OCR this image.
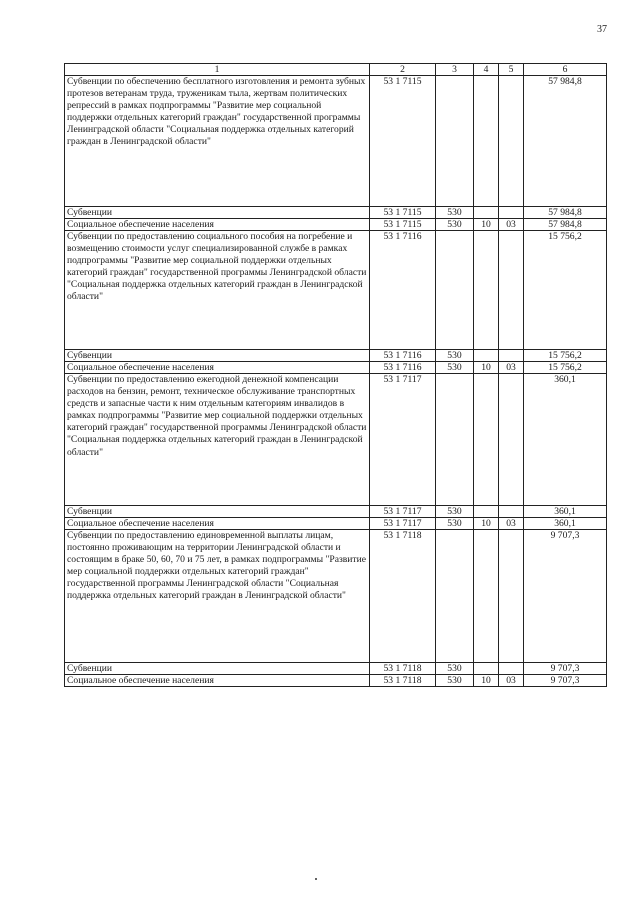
37
1	2	3	4	5	6
Субвенции по обеспечению бесплатного изготовления и ремонта зубных протезов ветеранам труда, труженикам тыла, жертвам политических репрессий в рамках подпрограммы "Развитие мер социальной поддержки отдельных категорий граждан" государственной программы Ленинградской области "Социальная поддержка отдельных категорий граждан в Ленинградской области"	53 1 7115				57 984,8
Субвенции	53 1 7115	530			57 984,8
Социальное обеспечение населения	53 1 7115	530	10	03	57 984,8
Субвенции по предоставлению социального пособия на погребение и возмещению стоимости услуг специализированной службе в рамках подпрограммы "Развитие мер социальной поддержки отдельных категорий граждан" государственной программы Ленинградской области "Социальная поддержка отдельных категорий граждан в Ленинградской области"	53 1 7116				15 756,2
Субвенции	53 1 7116	530			15 756,2
Социальное обеспечение населения	53 1 7116	530	10	03	15 756,2
Субвенции по предоставлению ежегодной денежной компенсации расходов на бензин, ремонт, техническое обслуживание транспортных средств и запасные части к ним отдельным категориям инвалидов в рамках подпрограммы "Развитие мер социальной поддержки отдельных категорий граждан" государственной программы Ленинградской области "Социальная поддержка отдельных категорий граждан в Ленинградской области"	53 1 7117				360,1
Субвенции	53 1 7117	530			360,1
Социальное обеспечение населения	53 1 7117	530	10	03	360,1
Субвенции по предоставлению единовременной выплаты лицам, постоянно проживающим на территории Ленинградской области и состоящим в браке 50, 60, 70 и 75 лет, в рамках подпрограммы "Развитие мер социальной поддержки отдельных категорий граждан" государственной программы Ленинградской области "Социальная поддержка отдельных категорий граждан в Ленинградской области"	53 1 7118				9 707,3
Субвенции	53 1 7118	530			9 707,3
Социальное обеспечение населения	53 1 7118	530	10	03	9 707,3
